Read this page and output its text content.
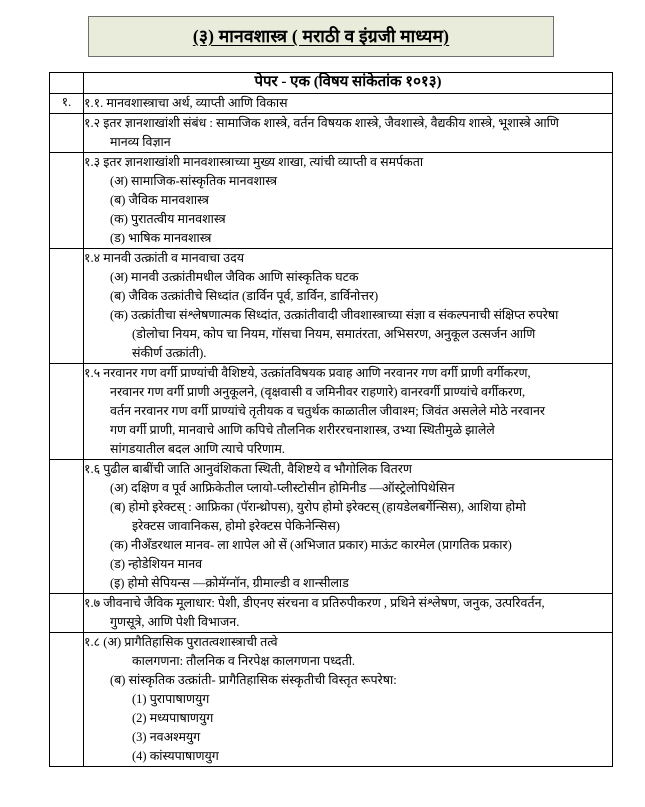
(३) मानवशास्त्र ( मराठी व इंग्रजी माध्यम)
	पेपर - एक (विषय सांकेतांक १०१३)
१.	१.१. मानवशास्त्राचा अर्थ, व्याप्ती आणि विकास

	१.२ इतर ज्ञानशाखांशी संबंध : सामाजिक शास्त्रे, वर्तन विषयक शास्त्रे, जैवशास्त्रे, वैद्यकीय शास्त्रे, भूशास्त्रे आणि
मानव्य विज्ञान

	१.३ इतर ज्ञानशाखांशी मानवशास्त्राच्या मुख्य शाखा, त्यांची व्याप्ती व समर्पकता
(अ) सामाजिक-सांस्कृतिक मानवशास्त्र
(ब) जैविक मानवशास्त्र
(क) पुरातत्वीय मानवशास्त्र
(ड) भाषिक मानवशास्त्र

१.४ मानवी उत्क्रांती व मानवाचा उदय
(अ) मानवी उत्क्रांतीमधील जैविक आणि सांस्कृतिक घटक
(ब) जैविक उत्क्रांतीचे सिध्दांत (डार्विन पूर्व, डार्विन, डार्विनोत्तर)
(क) उत्क्रांतीचा संश्लेषणात्मक सिध्दांत, उत्क्रांतीवादी जीवशास्त्राच्या संज्ञा व संकल्पनाची संक्षिप्त रुपरेषा
(डोलोचा नियम, कोप चा नियम, गॉसचा नियम, समातंरता, अभिसरण, अनुकूल उत्सर्जन आणि
संकीर्ण उत्क्रांती).

	१.५ नरवानर गण वर्गी प्राण्यांची वैशिष्टये, उत्क्रांतविषयक प्रवाह आणि नरवानर गण वर्गी प्राणी वर्गीकरण,
नरवानर गण वर्गी प्राणी अनुकूलने, (वृक्षवासी व जमिनीवर राहणारे) वानरवर्गी प्राण्यांचे वर्गीकरण,
वर्तन नरवानर गण वर्गी प्राण्यांचे तृतीयक व चतुर्थक काळातील जीवाश्म; जिवंत असलेले मोठे नरवानर
गण वर्गी प्राणी, मानवाचे आणि कपिचे तौलनिक शरीररचनाशास्त्र, उभ्या स्थितीमुळे झालेले
सांगडयातील बदल आणि त्याचे परिणाम.

१.६ पुढील बाबींची जाति आनुवंशिकता स्थिती, वैशिष्टये व भौगोलिक वितरण
(अ) दक्षिण व पूर्व आफ्रिकेतील प्लायो-प्लीस्टोसीन होमिनीड —ऑस्ट्रेलोपिथेसिन
(ब) होमो इरेक्टस् : आफ्रिका (पॅरान्थ्रोपस), युरोप होमो इरेक्टस् (हायडेलबर्गेन्सिस), आशिया होमो
इरेक्टस जावानिकस, होमो इरेक्टस पेकिनेन्सिस)
(क) नीअँडरथाल मानव- ला शापेल ओ सें (अभिजात प्रकार) माऊंट कारमेल (प्रागतिक प्रकार)
(ड) न्होडेशियन मानव
(इ) होमो सेपियन्स —क्रोमॅग्नॉन, ग्रीमाल्डी व शान्सीलाड

	१.७ जीवनाचे जैविक मूलाधार: पेशी, डीएनए संरचना व प्रतिरुपीकरण , प्रथिने संश्लेषण, जनुक, उत्परिवर्तन,
गुणसूत्रे, आणि पेशी विभाजन.

१.८ (अ) प्रागैतिहासिक पुरातत्वशास्त्राची तत्वे
कालगणना: तौलनिक व निरपेक्ष कालगणना पध्दती.
(ब) सांस्कृतिक उत्क्रांती- प्रागैतिहासिक संस्कृतीची विस्तृत रूपरेषा:
(1) पुरापाषाणयुग
(2) मध्यपाषाणयुग
(3) नवअश्मयुग
(4) कांस्यपाषाणयुग
